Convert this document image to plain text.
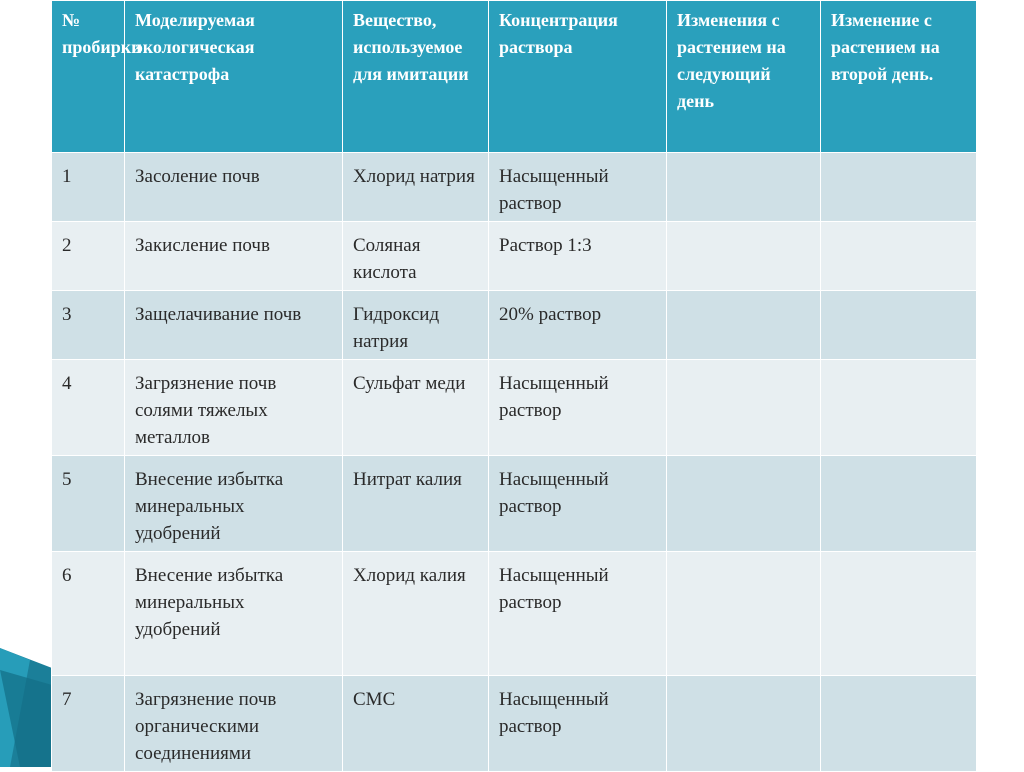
№ пробирки	Моделируемая экологическая катастрофа	Вещество, используемое для имитации	Концентрация раствора	Изменения с растением на следующий день	Изменение с растением на второй день.
1	Засоление почв	Хлорид натрия	Насыщенный раствор		
2	Закисление почв	Соляная кислота	Раствор 1:3		
3	Защелачивание почв	Гидроксид натрия	20% раствор		
4	Загрязнение почв солями тяжелых металлов	Сульфат меди	Насыщенный раствор		
5	Внесение избытка минеральных удобрений	Нитрат калия	Насыщенный раствор		
6	Внесение избытка минеральных удобрений	Хлорид калия	Насыщенный раствор		
7	Загрязнение почв органическими соединениями	СМС	Насыщенный раствор		
